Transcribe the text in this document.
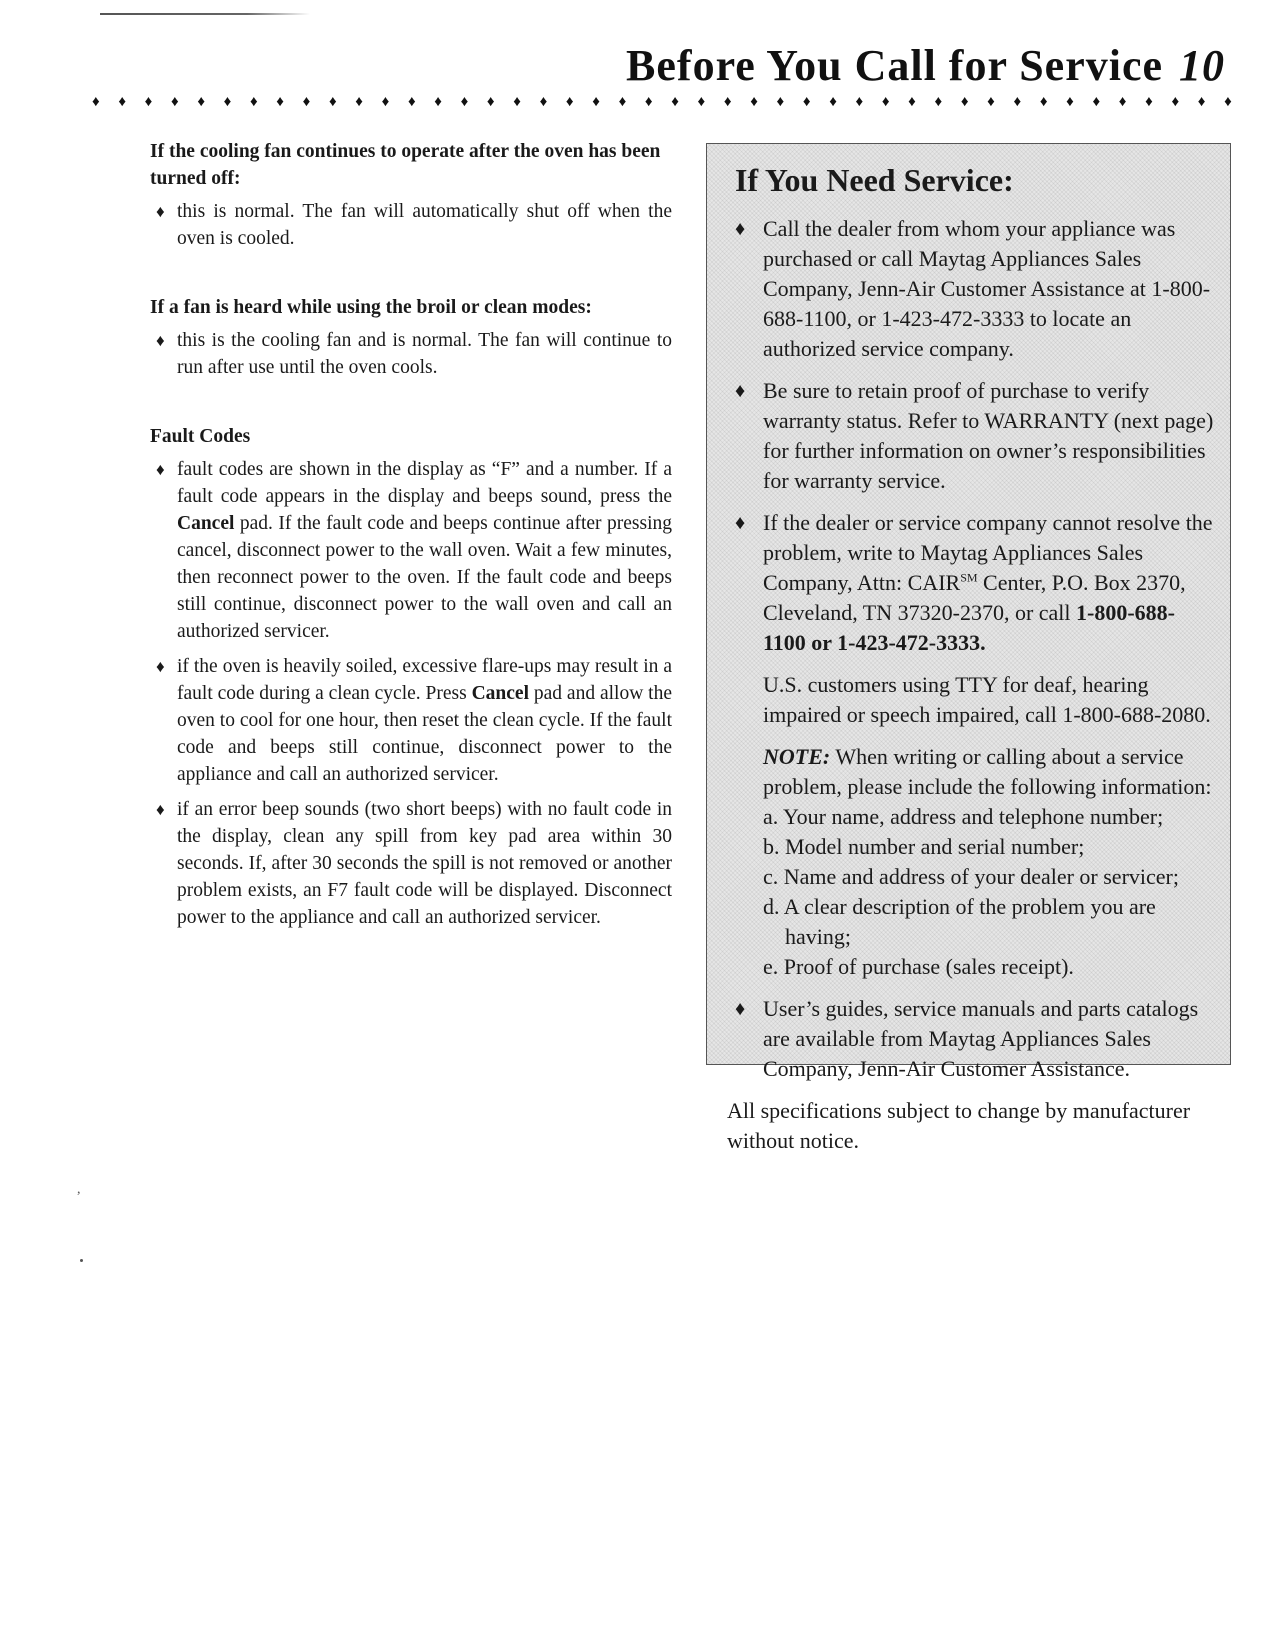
Before You Call for Service 10
♦ ♦ ♦ ♦ ♦ ♦ ♦ ♦ ♦ ♦ ♦ ♦ ♦ ♦ ♦ ♦ ♦ ♦ ♦ ♦ ♦ ♦ ♦ ♦ ♦ ♦ ♦ ♦ ♦ ♦ ♦ ♦ ♦ ♦ ♦ ♦ ♦ ♦ ♦ ♦ ♦ ♦ ♦ ♦
If the cooling fan continues to operate after the oven has been turned off:
♦ this is normal. The fan will automatically shut off when the oven is cooled.
If a fan is heard while using the broil or clean modes:
♦ this is the cooling fan and is normal. The fan will continue to run after use until the oven cools.
Fault Codes
♦ fault codes are shown in the display as “F” and a number. If a fault code appears in the display and beeps sound, press the Cancel pad. If the fault code and beeps continue after pressing cancel, disconnect power to the wall oven. Wait a few minutes, then reconnect power to the oven. If the fault code and beeps still continue, disconnect power to the wall oven and call an authorized servicer.
♦ if the oven is heavily soiled, excessive flare-ups may result in a fault code during a clean cycle. Press Cancel pad and allow the oven to cool for one hour, then reset the clean cycle. If the fault code and beeps still continue, disconnect power to the appliance and call an authorized servicer.
♦ if an error beep sounds (two short beeps) with no fault code in the display, clean any spill from key pad area within 30 seconds. If, after 30 seconds the spill is not removed or another problem exists, an F7 fault code will be displayed. Disconnect power to the appliance and call an authorized servicer.
If You Need Service:
♦ Call the dealer from whom your appliance was purchased or call Maytag Appliances Sales Company, Jenn-Air Customer Assistance at 1-800-688-1100, or 1-423-472-3333 to locate an authorized service company.
♦ Be sure to retain proof of purchase to verify warranty status. Refer to WARRANTY (next page) for further information on owner’s responsibilities for warranty service.
♦ If the dealer or service company cannot resolve the problem, write to Maytag Appliances Sales Company, Attn: CAIR℠ Center, P.O. Box 2370, Cleveland, TN 37320-2370, or call 1-800-688-1100 or 1-423-472-3333.
U.S. customers using TTY for deaf, hearing impaired or speech impaired, call 1-800-688-2080.
NOTE: When writing or calling about a service problem, please include the following information:
a. Your name, address and telephone number;
b. Model number and serial number;
c. Name and address of your dealer or servicer;
d. A clear description of the problem you are
having;
e. Proof of purchase (sales receipt).
♦ User’s guides, service manuals and parts catalogs are available from Maytag Appliances Sales Company, Jenn-Air Customer Assistance.
All specifications subject to change by manufacturer without notice.
,
